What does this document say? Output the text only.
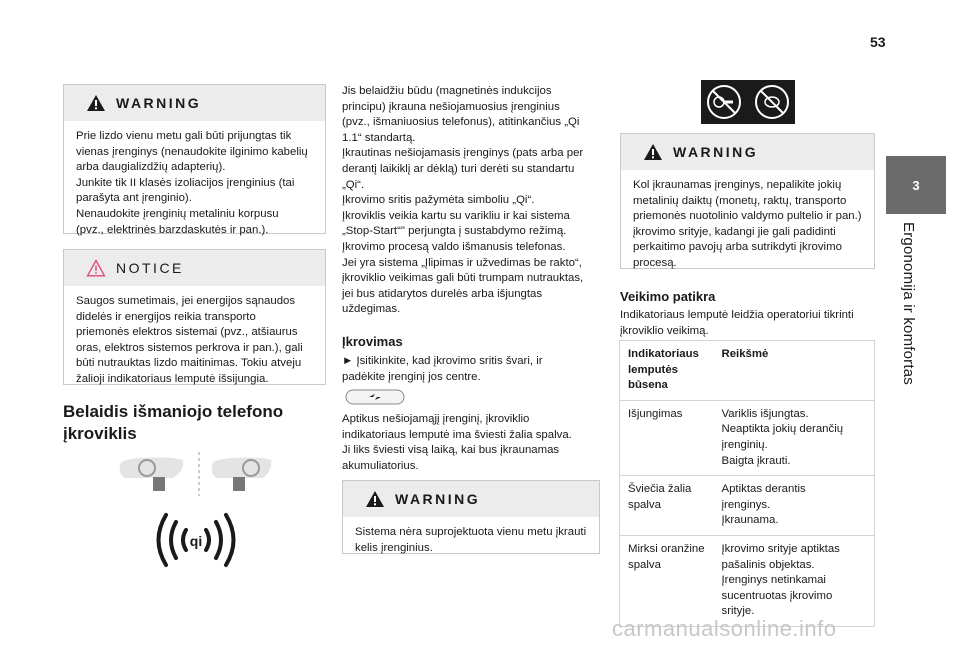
53
3
Ergonomija ir komfortas
WARNING
Prie lizdo vienu metu gali būti prijungtas tik
vienas įrenginys (nenaudokite ilginimo kabelių
arba daugializdžių adapterių).
Junkite tik II klasės izoliacijos įrenginius (tai
parašyta ant įrenginio).
Nenaudokite įrenginių metaliniu korpusu
(pvz., elektrinės barzdaskutės ir pan.).
NOTICE
Saugos sumetimais, jei energijos sąnaudos
didelės ir energijos reikia transporto
priemonės elektros sistemai (pvz., atšiaurus
oras, elektros sistemos perkrova ir pan.), gali
būti nutrauktas lizdo maitinimas. Tokiu atveju
žalioji indikatoriaus lemputė išsijungia.
Belaidis išmaniojo telefono
įkroviklis
qi
Jis belaidžiu būdu (magnetinės indukcijos
principu) įkrauna nešiojamuosius įrenginius
(pvz., išmaniuosius telefonus), atitinkančius „Qi
1.1“ standartą.
Įkrautinas nešiojamasis įrenginys (pats arba per
derantį laikiklį ar dėklą) turi derėti su standartu
„Qi“.
Įkrovimo sritis pažymėta simboliu „Qi“.
Įkroviklis veikia kartu su varikliu ir kai sistema
„Stop-Start“" perjungta į sustabdymo režimą.
Įkrovimo procesą valdo išmanusis telefonas.
Jei yra sistema „Įlipimas ir užvedimas be rakto“,
įkroviklio veikimas gali būti trumpam nutrauktas,
jei bus atidarytos durelės arba išjungtas
uždegimas.
Įkrovimas
► Įsitikinkite, kad įkrovimo sritis švari, ir
padėkite įrenginį jos centre.
Aptikus nešiojamąjį įrenginį, įkroviklio
indikatoriaus lemputė ima šviesti žalia spalva.
Ji liks šviesti visą laiką, kai bus įkraunamas
akumuliatorius.
WARNING
Sistema nėra suprojektuota vienu metu įkrauti
kelis įrenginius.
WARNING
Kol įkraunamas įrenginys, nepalikite jokių
metalinių daiktų (monetų, raktų, transporto
priemonės nuotolinio valdymo pultelio ir pan.)
įkrovimo srityje, kadangi jie gali padidinti
perkaitimo pavojų arba sutrikdyti įkrovimo
procesą.
Veikimo patikra
Indikatoriaus lemputė leidžia operatoriui tikrinti
įkroviklio veikimą.
Indikatoriaus
lemputės
būsena	Reikšmė
Išjungimas	Variklis išjungtas.
Neaptikta jokių derančių
įrenginių.
Baigta įkrauti.
Šviečia žalia
spalva	Aptiktas derantis
įrenginys.
Įkraunama.
Mirksi oranžine
spalva	Įkrovimo srityje aptiktas
pašalinis objektas.
Įrenginys netinkamai
sucentruotas įkrovimo
srityje.
carmanualsonline.info
